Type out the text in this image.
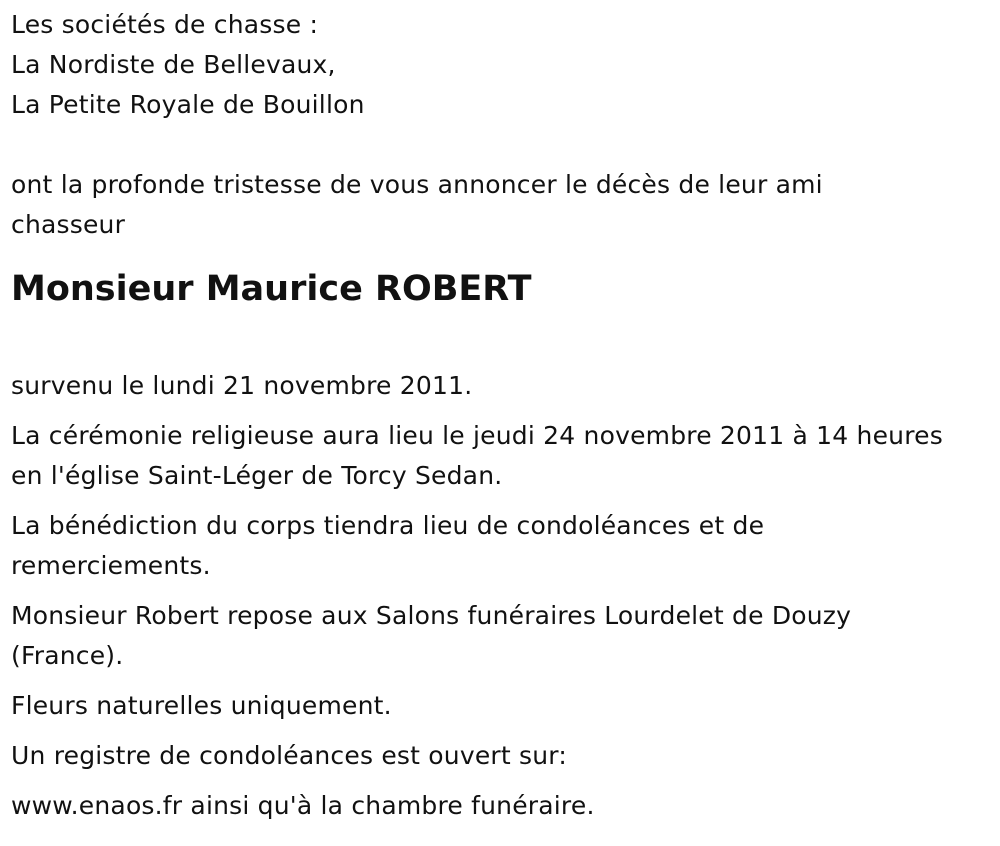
Les sociétés de chasse :

La Nordiste de Bellevaux,

La Petite Royale de Bouillon

ont la profonde tristesse de vous annoncer le décès de leur ami

chasseur

Monsieur Maurice ROBERT

survenu le lundi 21 novembre 2011.

La cérémonie religieuse aura lieu le jeudi 24 novembre 2011 à 14 heures

en l'église Saint-Léger de Torcy Sedan.

La bénédiction du corps tiendra lieu de condoléances et de

remerciements.

Monsieur Robert repose aux Salons funéraires Lourdelet de Douzy

(France).

Fleurs naturelles uniquement.

Un registre de condoléances est ouvert sur:

www.enaos.fr ainsi qu'à la chambre funéraire.
